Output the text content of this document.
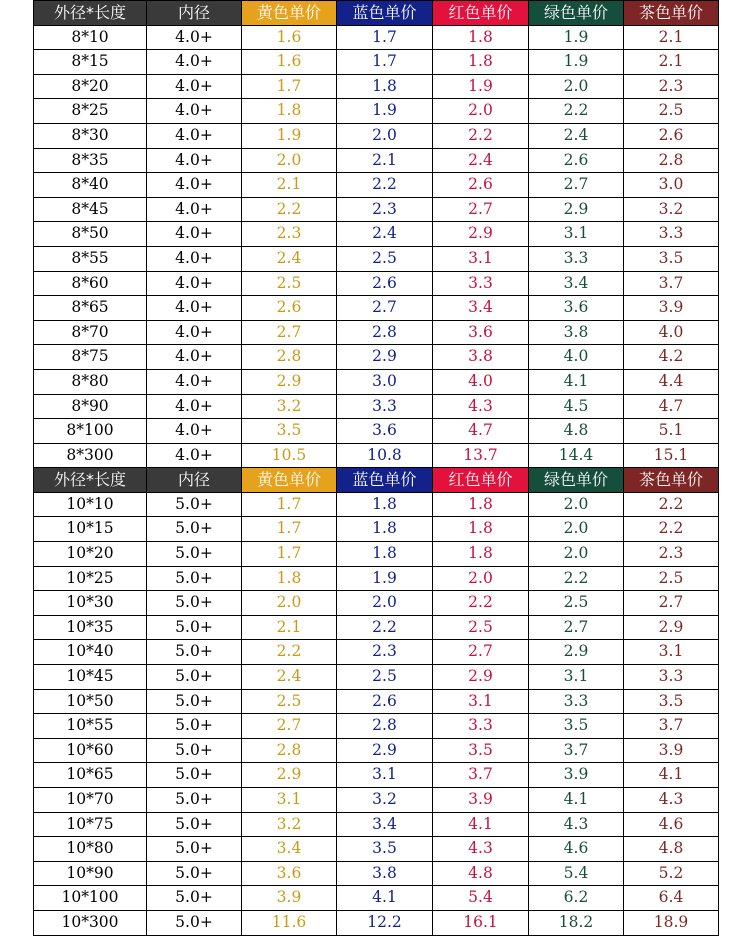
外径*长度	内径	黄色单价	蓝色单价	红色单价	绿色单价	茶色单价
8*10	4.0+	1.6	1.7	1.8	1.9	2.1
8*15	4.0+	1.6	1.7	1.8	1.9	2.1
8*20	4.0+	1.7	1.8	1.9	2.0	2.3
8*25	4.0+	1.8	1.9	2.0	2.2	2.5
8*30	4.0+	1.9	2.0	2.2	2.4	2.6
8*35	4.0+	2.0	2.1	2.4	2.6	2.8
8*40	4.0+	2.1	2.2	2.6	2.7	3.0
8*45	4.0+	2.2	2.3	2.7	2.9	3.2
8*50	4.0+	2.3	2.4	2.9	3.1	3.3
8*55	4.0+	2.4	2.5	3.1	3.3	3.5
8*60	4.0+	2.5	2.6	3.3	3.4	3.7
8*65	4.0+	2.6	2.7	3.4	3.6	3.9
8*70	4.0+	2.7	2.8	3.6	3.8	4.0
8*75	4.0+	2.8	2.9	3.8	4.0	4.2
8*80	4.0+	2.9	3.0	4.0	4.1	4.4
8*90	4.0+	3.2	3.3	4.3	4.5	4.7
8*100	4.0+	3.5	3.6	4.7	4.8	5.1
8*300	4.0+	10.5	10.8	13.7	14.4	15.1
外径*长度	内径	黄色单价	蓝色单价	红色单价	绿色单价	茶色单价
10*10	5.0+	1.7	1.8	1.8	2.0	2.2
10*15	5.0+	1.7	1.8	1.8	2.0	2.2
10*20	5.0+	1.7	1.8	1.8	2.0	2.3
10*25	5.0+	1.8	1.9	2.0	2.2	2.5
10*30	5.0+	2.0	2.0	2.2	2.5	2.7
10*35	5.0+	2.1	2.2	2.5	2.7	2.9
10*40	5.0+	2.2	2.3	2.7	2.9	3.1
10*45	5.0+	2.4	2.5	2.9	3.1	3.3
10*50	5.0+	2.5	2.6	3.1	3.3	3.5
10*55	5.0+	2.7	2.8	3.3	3.5	3.7
10*60	5.0+	2.8	2.9	3.5	3.7	3.9
10*65	5.0+	2.9	3.1	3.7	3.9	4.1
10*70	5.0+	3.1	3.2	3.9	4.1	4.3
10*75	5.0+	3.2	3.4	4.1	4.3	4.6
10*80	5.0+	3.4	3.5	4.3	4.6	4.8
10*90	5.0+	3.6	3.8	4.8	5.4	5.2
10*100	5.0+	3.9	4.1	5.4	6.2	6.4
10*300	5.0+	11.6	12.2	16.1	18.2	18.9
